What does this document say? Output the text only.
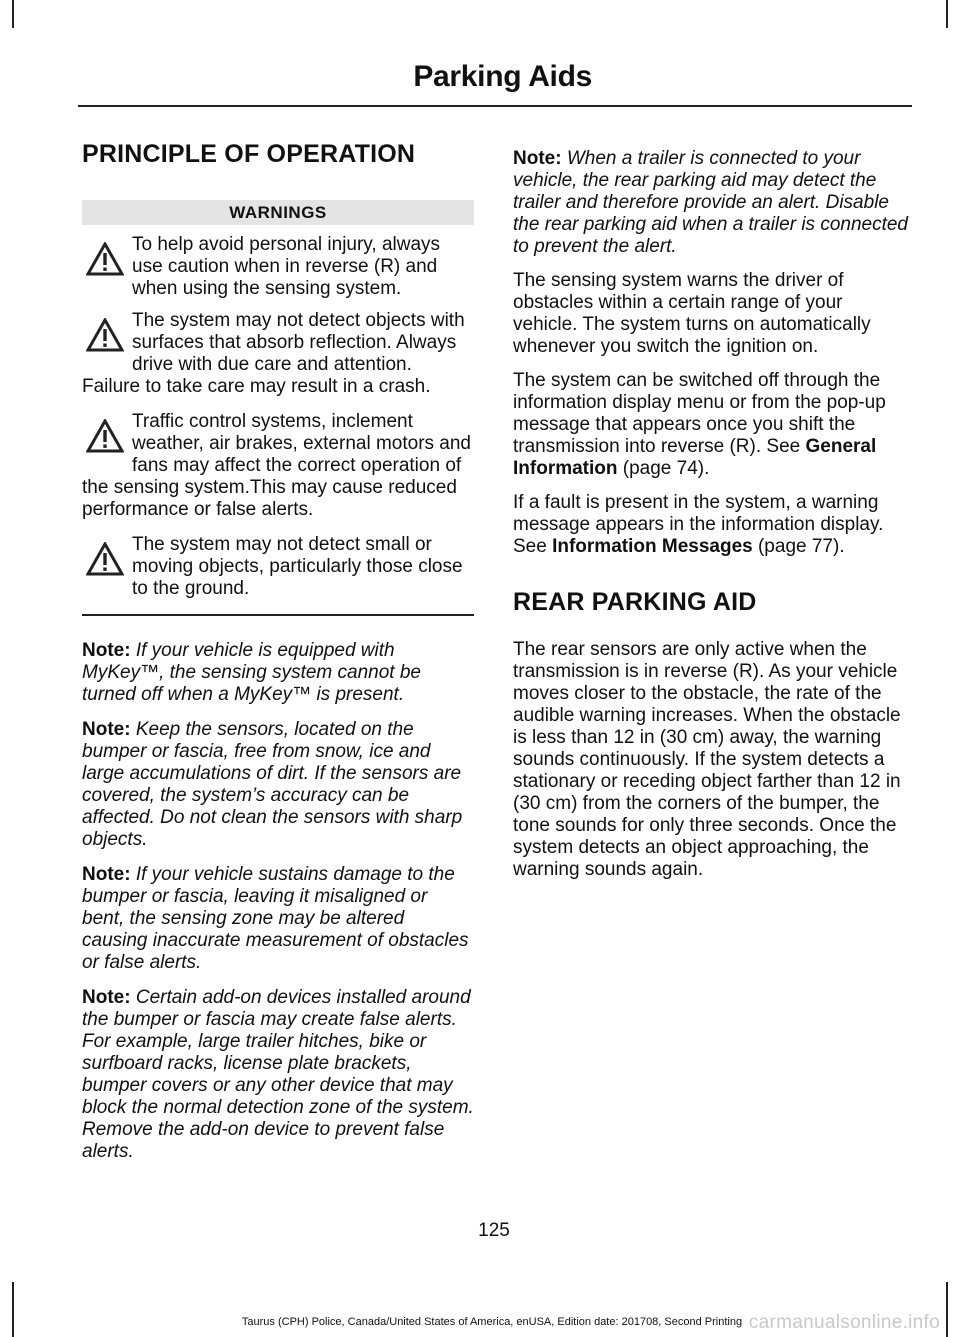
Parking Aids
PRINCIPLE OF OPERATION
WARNINGS
To help avoid personal injury, always use caution when in reverse (R) and when using the sensing system.
The system may not detect objects with surfaces that absorb reflection. Always drive with due care and attention. Failure to take care may result in a crash.
Traffic control systems, inclement weather, air brakes, external motors and fans may affect the correct operation of the sensing system.This may cause reduced performance or false alerts.
The system may not detect small or moving objects, particularly those close to the ground.

Note: If your vehicle is equipped with MyKey™, the sensing system cannot be turned off when a MyKey™ is present.

Note: Keep the sensors, located on the bumper or fascia, free from snow, ice and large accumulations of dirt. If the sensors are covered, the system’s accuracy can be affected. Do not clean the sensors with sharp objects.

Note: If your vehicle sustains damage to the bumper or fascia, leaving it misaligned or bent, the sensing zone may be altered causing inaccurate measurement of obstacles or false alerts.

Note: Certain add-on devices installed around the bumper or fascia may create false alerts. For example, large trailer hitches, bike or surfboard racks, license plate brackets, bumper covers or any other device that may block the normal detection zone of the system. Remove the add-on device to prevent false alerts.

Note: When a trailer is connected to your vehicle, the rear parking aid may detect the trailer and therefore provide an alert. Disable the rear parking aid when a trailer is connected to prevent the alert.

The sensing system warns the driver of obstacles within a certain range of your vehicle. The system turns on automatically whenever you switch the ignition on.

The system can be switched off through the information display menu or from the pop-up message that appears once you shift the transmission into reverse (R). See General Information (page 74).

If a fault is present in the system, a warning message appears in the information display. See Information Messages (page 77).

REAR PARKING AID

The rear sensors are only active when the transmission is in reverse (R). As your vehicle moves closer to the obstacle, the rate of the audible warning increases. When the obstacle is less than 12 in (30 cm) away, the warning sounds continuously. If the system detects a stationary or receding object farther than 12 in (30 cm) from the corners of the bumper, the tone sounds for only three seconds. Once the system detects an object approaching, the warning sounds again.

125
Taurus (CPH) Police, Canada/United States of America, enUSA, Edition date: 201708, Second Printing carmanualsonline.info
